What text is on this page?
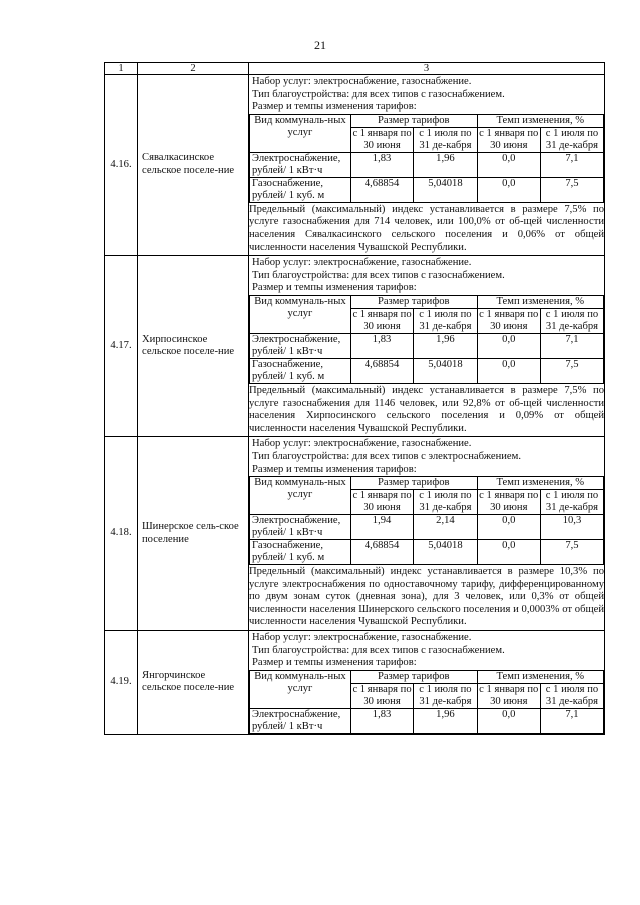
21
1	2	3
4.16.	Сявалкасинское сельское поселе-ние	
Набор услуг: электроснабжение, газоснабжение.
Тип благоустройства: для всех типов с газоснабжением.
Размер и темпы изменения тарифов:
Вид коммуналь-ных услуг	Размер тарифов	Темп изменения, %
с 1 января по 30 июня	с 1 июля по 31 де-кабря	с 1 января по 30 июня	с 1 июля по 31 де-кабря
Электроснабжение, рублей/ 1 кВт·ч	1,83	1,96	0,0	7,1
Газоснабжение, рублей/ 1 куб. м	4,68854	5,04018	0,0	7,5
Предельный (максимальный) индекс устанавливается в размере 7,5% по услуге газоснабжения для 714 человек, или 100,0% от об-щей численности населения Сявалкасинского сельского поселения и 0,06% от общей численности населения Чувашской Республики.

4.17.	Хирпосинское сельское поселе-ние	
Набор услуг: электроснабжение, газоснабжение.
Тип благоустройства: для всех типов с газоснабжением.
Размер и темпы изменения тарифов:
Вид коммуналь-ных услуг	Размер тарифов	Темп изменения, %
с 1 января по 30 июня	с 1 июля по 31 де-кабря	с 1 января по 30 июня	с 1 июля по 31 де-кабря
Электроснабжение, рублей/ 1 кВт·ч	1,83	1,96	0,0	7,1
Газоснабжение, рублей/ 1 куб. м	4,68854	5,04018	0,0	7,5
Предельный (максимальный) индекс устанавливается в размере 7,5% по услуге газоснабжения для 1146 человек, или 92,8% от об-щей численности населения Хирпосинского сельского поселения и 0,09% от общей численности населения Чувашской Республики.

4.18.	Шинерское сель-ское поселение	
Набор услуг: электроснабжение, газоснабжение.
Тип благоустройства: для всех типов с электроснабжением.
Размер и темпы изменения тарифов:
Вид коммуналь-ных услуг	Размер тарифов	Темп изменения, %
с 1 января по 30 июня	с 1 июля по 31 де-кабря	с 1 января по 30 июня	с 1 июля по 31 де-кабря
Электроснабжение, рублей/ 1 кВт·ч	1,94	2,14	0,0	10,3
Газоснабжение, рублей/ 1 куб. м	4,68854	5,04018	0,0	7,5
Предельный (максимальный) индекс устанавливается в размере 10,3% по услуге электроснабжения по одноставочному тарифу, дифференцированному по двум зонам суток (дневная зона), для 3 человек, или 0,3% от общей численности населения Шинерского сельского поселения и 0,0003% от общей численности населения Чувашской Республики.

4.19.	Янгорчинское сельское поселе-ние	
Набор услуг: электроснабжение, газоснабжение.
Тип благоустройства: для всех типов с газоснабжением.
Размер и темпы изменения тарифов:
Вид коммуналь-ных услуг	Размер тарифов	Темп изменения, %
с 1 января по 30 июня	с 1 июля по 31 де-кабря	с 1 января по 30 июня	с 1 июля по 31 де-кабря
Электроснабжение, рублей/ 1 кВт·ч	1,83	1,96	0,0	7,1
